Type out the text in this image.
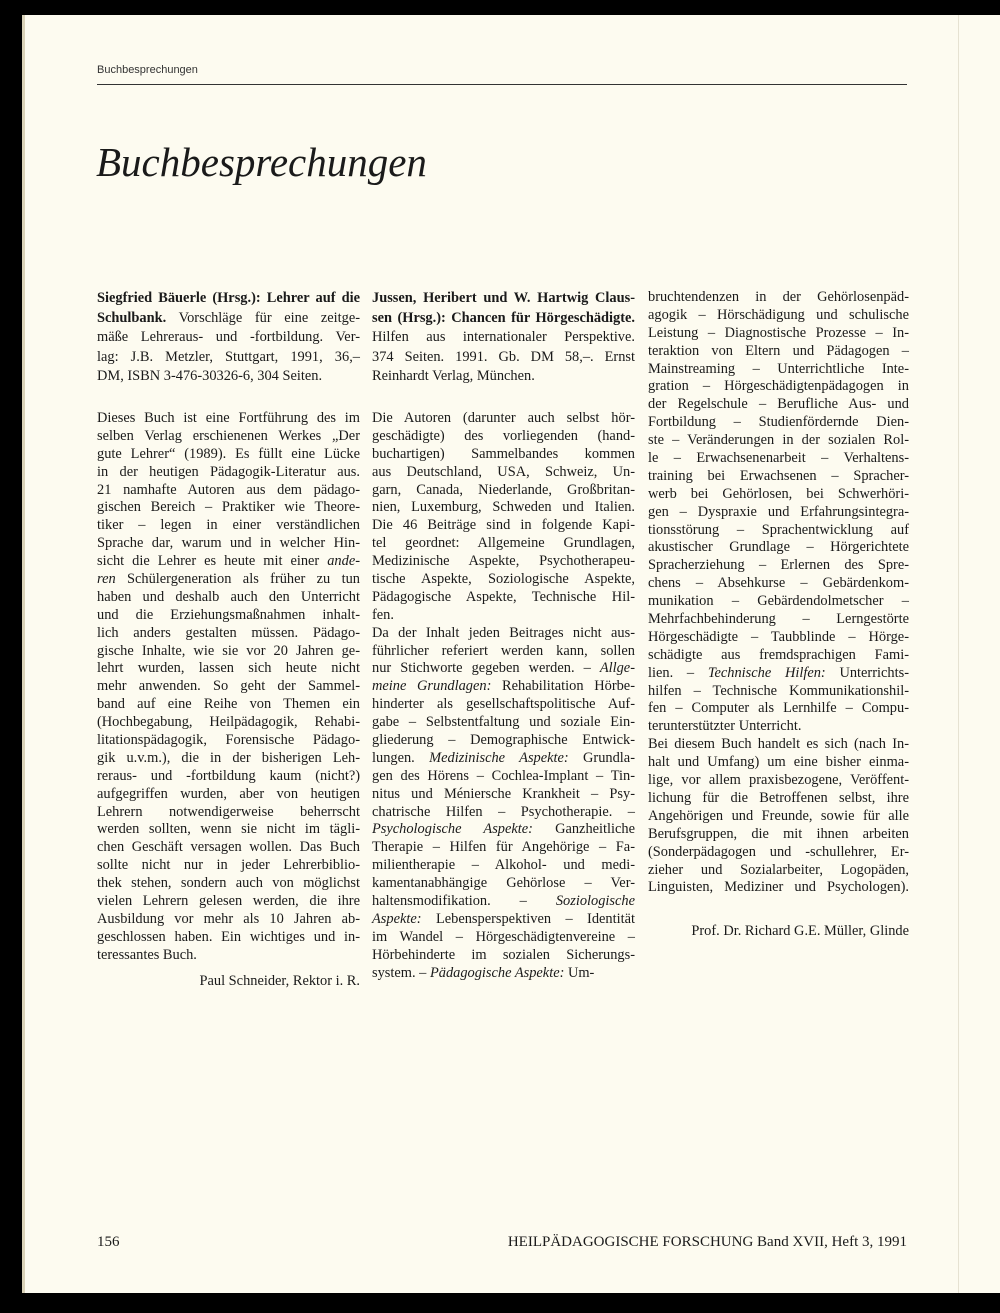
Buchbesprechungen
Buchbesprechungen
Siegfried Bäuerle (Hrsg.): Lehrer auf die
Schulbank. Vorschläge für eine zeitge-
mäße Lehreraus- und -fortbildung. Ver-
lag: J.B. Metzler, Stuttgart, 1991, 36,–
DM, ISBN 3-476-30326-6, 304 Seiten.
Dieses Buch ist eine Fortführung des im
selben Verlag erschienenen Werkes „Der
gute Lehrer“ (1989). Es füllt eine Lücke
in der heutigen Pädagogik-Literatur aus.
21 namhafte Autoren aus dem pädago-
gischen Bereich – Praktiker wie Theore-
tiker – legen in einer verständlichen
Sprache dar, warum und in welcher Hin-
sicht die Lehrer es heute mit einer ande-
ren Schülergeneration als früher zu tun
haben und deshalb auch den Unterricht
und die Erziehungsmaßnahmen inhalt-
lich anders gestalten müssen. Pädago-
gische Inhalte, wie sie vor 20 Jahren ge-
lehrt wurden, lassen sich heute nicht
mehr anwenden. So geht der Sammel-
band auf eine Reihe von Themen ein
(Hochbegabung, Heilpädagogik, Rehabi-
litationspädagogik, Forensische Pädago-
gik u.v.m.), die in der bisherigen Leh-
reraus- und -fortbildung kaum (nicht?)
aufgegriffen wurden, aber von heutigen
Lehrern notwendigerweise beherrscht
werden sollten, wenn sie nicht im tägli-
chen Geschäft versagen wollen. Das Buch
sollte nicht nur in jeder Lehrerbiblio-
thek stehen, sondern auch von möglichst
vielen Lehrern gelesen werden, die ihre
Ausbildung vor mehr als 10 Jahren ab-
geschlossen haben. Ein wichtiges und in-
teressantes Buch.
Paul Schneider, Rektor i. R.
Jussen, Heribert und W. Hartwig Claus-
sen (Hrsg.): Chancen für Hörgeschädigte.
Hilfen aus internationaler Perspektive.
374 Seiten. 1991. Gb. DM 58,–. Ernst
Reinhardt Verlag, München.
Die Autoren (darunter auch selbst hör-
geschädigte) des vorliegenden (hand-
buchartigen) Sammelbandes kommen
aus Deutschland, USA, Schweiz, Un-
garn, Canada, Niederlande, Großbritan-
nien, Luxemburg, Schweden und Italien.
Die 46 Beiträge sind in folgende Kapi-
tel geordnet: Allgemeine Grundlagen,
Medizinische Aspekte, Psychotherapeu-
tische Aspekte, Soziologische Aspekte,
Pädagogische Aspekte, Technische Hil-
fen.
Da der Inhalt jeden Beitrages nicht aus-
führlicher referiert werden kann, sollen
nur Stichworte gegeben werden. – Allge-
meine Grundlagen: Rehabilitation Hörbe-
hinderter als gesellschaftspolitische Auf-
gabe – Selbstentfaltung und soziale Ein-
gliederung – Demographische Entwick-
lungen. Medizinische Aspekte: Grundla-
gen des Hörens – Cochlea-Implant – Tin-
nitus und Méniersche Krankheit – Psy-
chatrische Hilfen – Psychotherapie. –
Psychologische Aspekte: Ganzheitliche
Therapie – Hilfen für Angehörige – Fa-
milientherapie – Alkohol- und medi-
kamentanabhängige Gehörlose – Ver-
haltensmodifikation. – Soziologische
Aspekte: Lebensperspektiven – Identität
im Wandel – Hörgeschädigtenvereine –
Hörbehinderte im sozialen Sicherungs-
system. – Pädagogische Aspekte: Um-
bruchtendenzen in der Gehörlosenpäd-
agogik – Hörschädigung und schulische
Leistung – Diagnostische Prozesse – In-
teraktion von Eltern und Pädagogen –
Mainstreaming – Unterrichtliche Inte-
gration – Hörgeschädigtenpädagogen in
der Regelschule – Berufliche Aus- und
Fortbildung – Studienfördernde Dien-
ste – Veränderungen in der sozialen Rol-
le – Erwachsenenarbeit – Verhaltens-
training bei Erwachsenen – Spracher-
werb bei Gehörlosen, bei Schwerhöri-
gen – Dyspraxie und Erfahrungsintegra-
tionsstörung – Sprachentwicklung auf
akustischer Grundlage – Hörgerichtete
Spracherziehung – Erlernen des Spre-
chens – Absehkurse – Gebärdenkom-
munikation – Gebärdendolmetscher –
Mehrfachbehinderung – Lerngestörte
Hörgeschädigte – Taubblinde – Hörge-
schädigte aus fremdsprachigen Fami-
lien. – Technische Hilfen: Unterrichts-
hilfen – Technische Kommunikationshil-
fen – Computer als Lernhilfe – Compu-
terunterstützter Unterricht.
Bei diesem Buch handelt es sich (nach In-
halt und Umfang) um eine bisher einma-
lige, vor allem praxisbezogene, Veröffent-
lichung für die Betroffenen selbst, ihre
Angehörigen und Freunde, sowie für alle
Berufsgruppen, die mit ihnen arbeiten
(Sonderpädagogen und -schullehrer, Er-
zieher und Sozialarbeiter, Logopäden,
Linguisten, Mediziner und Psychologen).
Prof. Dr. Richard G.E. Müller, Glinde
156	HEILPÄDAGOGISCHE FORSCHUNG Band XVII, Heft 3, 1991
